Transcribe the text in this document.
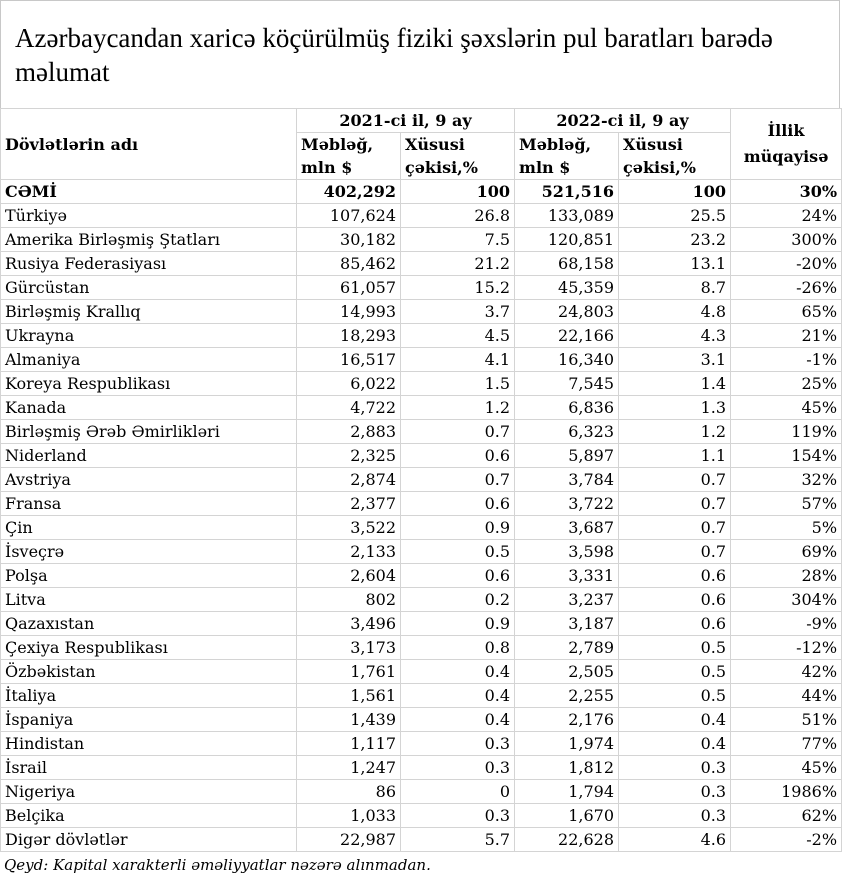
Azərbaycandan xaricə köçürülmüş fiziki şəxslərin pul baratları barədə məlumat
Dövlətlərin adı	2021-ci il, 9 ay		2022-ci il, 9 ay		İllik
müqayisə

	Məbləğ,	Xüsusi	Məbləğ,	Xüsusi	
	mln $	çəkisi,%	mln $	çəkisi,%	
CƏMİ	402,292	100	521,516	100	30%
Türkiyə	107,624	26.8	133,089	25.5	24%
Amerika Birləşmiş Ştatları	30,182	7.5	120,851	23.2	300%
Rusiya Federasiyası	85,462	21.2	68,158	13.1	-20%
Gürcüstan	61,057	15.2	45,359	8.7	-26%
Birləşmiş Krallıq	14,993	3.7	24,803	4.8	65%
Ukrayna	18,293	4.5	22,166	4.3	21%
Almaniya	16,517	4.1	16,340	3.1	-1%
Koreya Respublikası	6,022	1.5	7,545	1.4	25%
Kanada	4,722	1.2	6,836	1.3	45%
Birləşmiş Ərəb Əmirlikləri	2,883	0.7	6,323	1.2	119%
Niderland	2,325	0.6	5,897	1.1	154%
Avstriya	2,874	0.7	3,784	0.7	32%
Fransa	2,377	0.6	3,722	0.7	57%
Çin	3,522	0.9	3,687	0.7	5%
İsveçrə	2,133	0.5	3,598	0.7	69%
Polşa	2,604	0.6	3,331	0.6	28%
Litva	802	0.2	3,237	0.6	304%
Qazaxıstan	3,496	0.9	3,187	0.6	-9%
Çexiya Respublikası	3,173	0.8	2,789	0.5	-12%
Özbəkistan	1,761	0.4	2,505	0.5	42%
İtaliya	1,561	0.4	2,255	0.5	44%
İspaniya	1,439	0.4	2,176	0.4	51%
Hindistan	1,117	0.3	1,974	0.4	77%
İsrail	1,247	0.3	1,812	0.3	45%
Nigeriya	86	0	1,794	0.3	1986%
Belçika	1,033	0.3	1,670	0.3	62%
Digər dövlətlər	22,987	5.7	22,628	4.6	-2%
Qeyd: Kapital xarakterli əməliyyatlar nəzərə alınmadan.
